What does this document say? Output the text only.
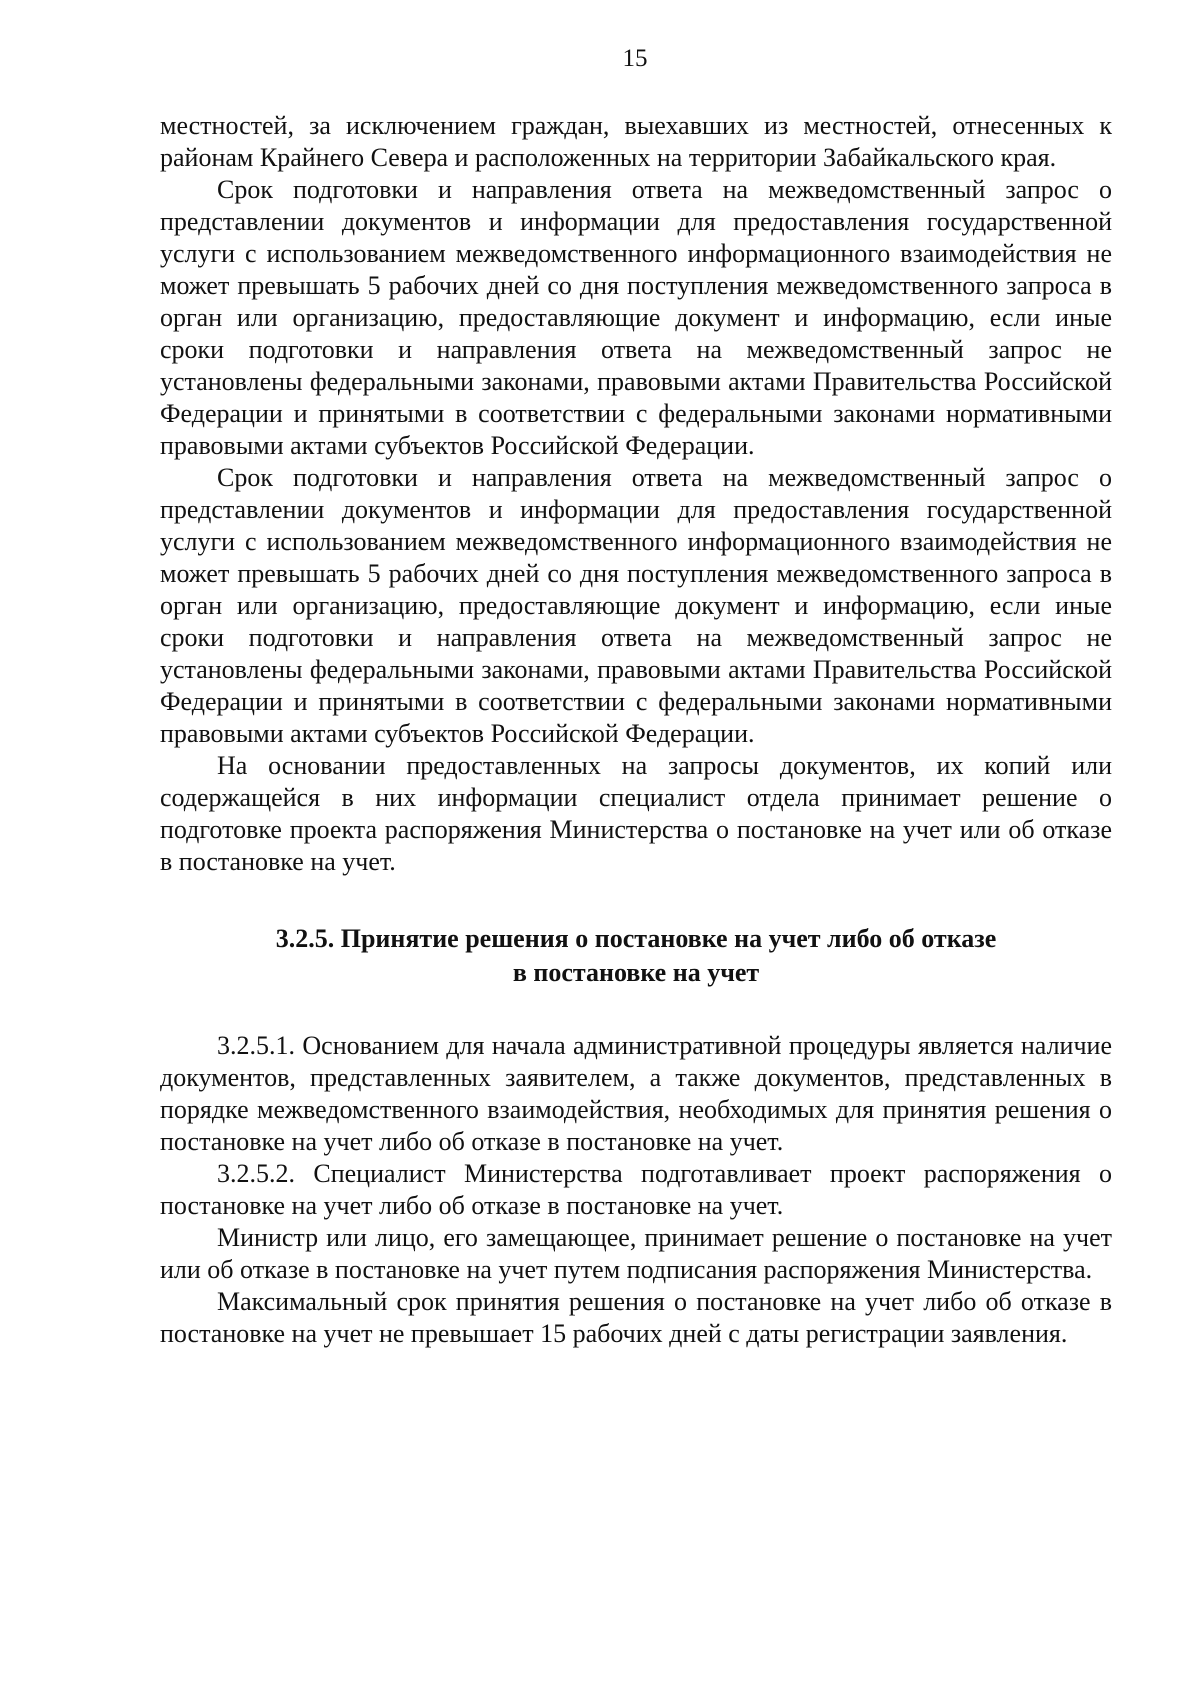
15

местностей, за исключением граждан, выехавших из местностей, отнесенных к районам Крайнего Севера и расположенных на территории Забайкальского края.

Срок подготовки и направления ответа на межведомственный запрос о представлении документов и информации для предоставления государственной услуги с использованием межведомственного информационного взаимодействия не может превышать 5 рабочих дней со дня поступления межведомственного запроса в орган или организацию, предоставляющие документ и информацию, если иные сроки подготовки и направления ответа на межведомственный запрос не установлены федеральными законами, правовыми актами Правительства Российской Федерации и принятыми в соответствии с федеральными законами нормативными правовыми актами субъектов Российской Федерации.

Срок подготовки и направления ответа на межведомственный запрос о представлении документов и информации для предоставления государственной услуги с использованием межведомственного информационного взаимодействия не может превышать 5 рабочих дней со дня поступления межведомственного запроса в орган или организацию, предоставляющие документ и информацию, если иные сроки подготовки и направления ответа на межведомственный запрос не установлены федеральными законами, правовыми актами Правительства Российской Федерации и принятыми в соответствии с федеральными законами нормативными правовыми актами субъектов Российской Федерации.

На основании предоставленных на запросы документов, их копий или содержащейся в них информации специалист отдела принимает решение о подготовке проекта распоряжения Министерства о постановке на учет или об отказе в постановке на учет.

3.2.5. Принятие решения о постановке на учет либо об отказе
в постановке на учет

3.2.5.1. Основанием для начала административной процедуры является наличие документов, представленных заявителем, а также документов, представленных в порядке межведомственного взаимодействия, необходимых для принятия решения о постановке на учет либо об отказе в постановке на учет.

3.2.5.2. Специалист Министерства подготавливает проект распоряжения о постановке на учет либо об отказе в постановке на учет.

Министр или лицо, его замещающее, принимает решение о постановке на учет или об отказе в постановке на учет путем подписания распоряжения Министерства.

Максимальный срок принятия решения о постановке на учет либо об отказе в постановке на учет не превышает 15 рабочих дней с даты регистрации заявления.
